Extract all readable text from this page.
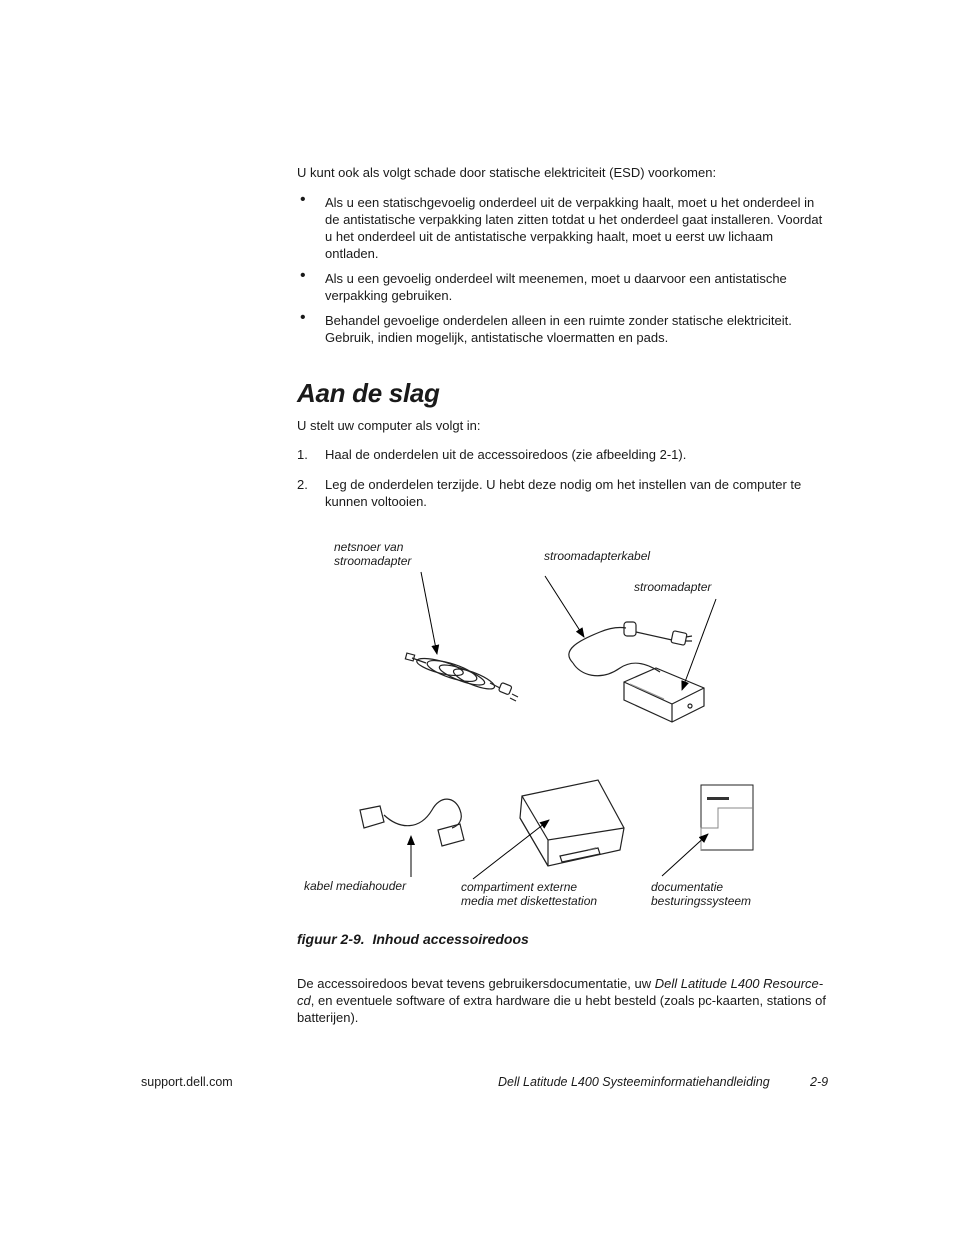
U kunt ook als volgt schade door statische elektriciteit (ESD) voorkomen:
• Als u een statischgevoelig onderdeel uit de verpakking haalt, moet u het onderdeel in de antistatische verpakking laten zitten totdat u het onderdeel gaat installeren. Voordat u het onderdeel uit de antistatische verpakking haalt, moet u eerst uw lichaam ontladen.
• Als u een gevoelig onderdeel wilt meenemen, moet u daarvoor een antistatische verpakking gebruiken.
• Behandel gevoelige onderdelen alleen in een ruimte zonder statische elektriciteit. Gebruik, indien mogelijk, antistatische vloermatten en pads.
Aan de slag
U stelt uw computer als volgt in:
1. Haal de onderdelen uit de accessoiredoos (zie afbeelding 2-1).
2. Leg de onderdelen terzijde. U hebt deze nodig om het instellen van de computer te kunnen voltooien.
netsnoer van
stroomadapter	stroomadapterkabel
stroomadapter
kabel mediahouder	compartiment externe
media met diskettestation
documentatie
besturingssysteem
figuur 2-9.  Inhoud accessoiredoos
De accessoiredoos bevat tevens gebruikersdocumentatie, uw Dell Latitude L400 Resource-cd, en eventuele software of extra hardware die u hebt besteld (zoals pc-kaarten, stations of batterijen).
support.dell.com	Dell Latitude L400 Systeeminformatiehandleiding	2-9
